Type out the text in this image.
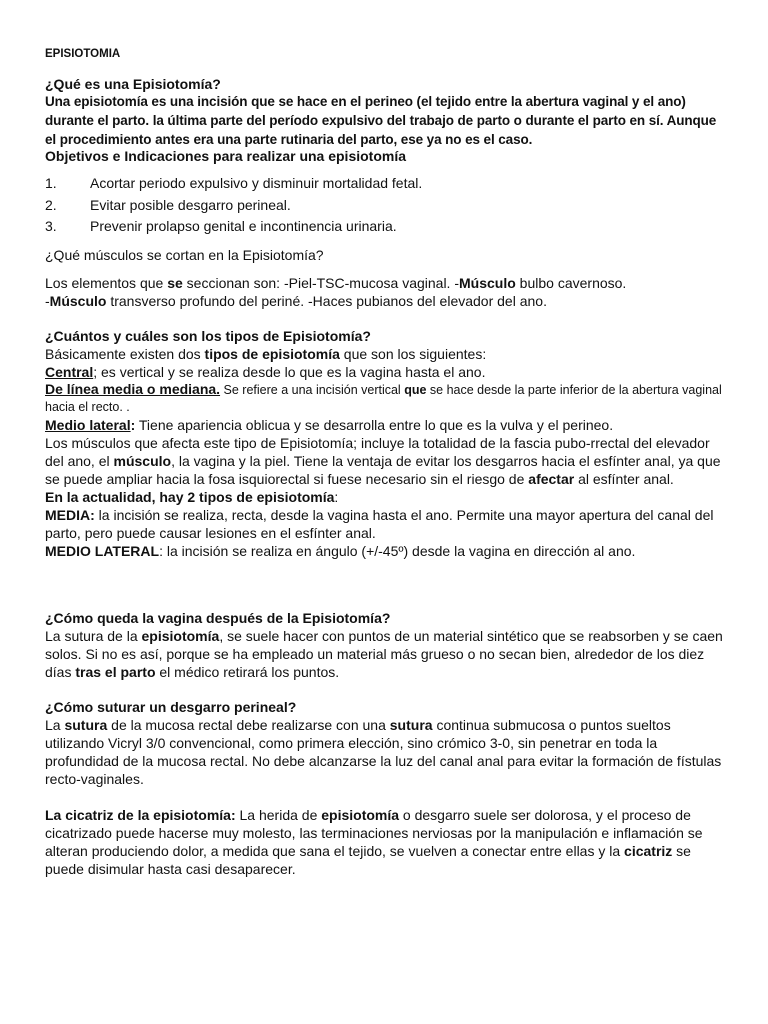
EPISIOTOMIA

¿Qué es una Episiotomía?

Una episiotomía es una incisión que se hace en el perineo (el tejido entre la abertura vaginal y el ano) durante el parto. la última parte del período expulsivo del trabajo de parto o durante el parto en sí. Aunque el procedimiento antes era una parte rutinaria del parto, ese ya no es el caso.

Objetivos e Indicaciones para realizar una episiotomía

1.	Acortar periodo expulsivo y disminuir mortalidad fetal.
2.	Evitar posible desgarro perineal.
3.	Prevenir prolapso genital e incontinencia urinaria.

¿Qué músculos se cortan en la Episiotomía?

Los elementos que se seccionan son: -Piel-TSC-mucosa vaginal. -Músculo bulbo cavernoso.

-Músculo transverso profundo del periné. -Haces pubianos del elevador del ano.

¿Cuántos y cuáles son los tipos de Episiotomía?

Básicamente existen dos tipos de episiotomía que son los siguientes:

Central; es vertical y se realiza desde lo que es la vagina hasta el ano.

De línea media o mediana. Se refiere a una incisión vertical que se hace desde la parte inferior de la abertura vaginal hacia el recto. .

Medio lateral: Tiene apariencia oblicua y se desarrolla entre lo que es la vulva y el perineo.

Los músculos que afecta este tipo de Episiotomía; incluye la totalidad de la fascia pubo-rrectal del elevador del ano, el músculo, la vagina y la piel. Tiene la ventaja de evitar los desgarros hacia el esfínter anal, ya que se puede ampliar hacia la fosa isquiorectal si fuese necesario sin el riesgo de afectar al esfínter anal.

En la actualidad, hay 2 tipos de episiotomía:

MEDIA: la incisión se realiza, recta, desde la vagina hasta el ano. Permite una mayor apertura del canal del parto, pero puede causar lesiones en el esfínter anal.

MEDIO LATERAL: la incisión se realiza en ángulo (+/-45º) desde la vagina en dirección al ano.

¿Cómo queda la vagina después de la Episiotomía?

La sutura de la episiotomía, se suele hacer con puntos de un material sintético que se reabsorben y se caen solos. Si no es así, porque se ha empleado un material más grueso o no secan bien, alrededor de los diez días tras el parto el médico retirará los puntos.

¿Cómo suturar un desgarro perineal?

La sutura de la mucosa rectal debe realizarse con una sutura continua submucosa o puntos sueltos utilizando Vicryl 3/0 convencional, como primera elección, sino crómico 3-0, sin penetrar en toda la profundidad de la mucosa rectal. No debe alcanzarse la luz del canal anal para evitar la formación de fístulas recto-vaginales.

La cicatriz de la episiotomía: La herida de episiotomía o desgarro suele ser dolorosa, y el proceso de cicatrizado puede hacerse muy molesto, las terminaciones nerviosas por la manipulación e inflamación se alteran produciendo dolor, a medida que sana el tejido, se vuelven a conectar entre ellas y la cicatriz se puede disimular hasta casi desaparecer.
